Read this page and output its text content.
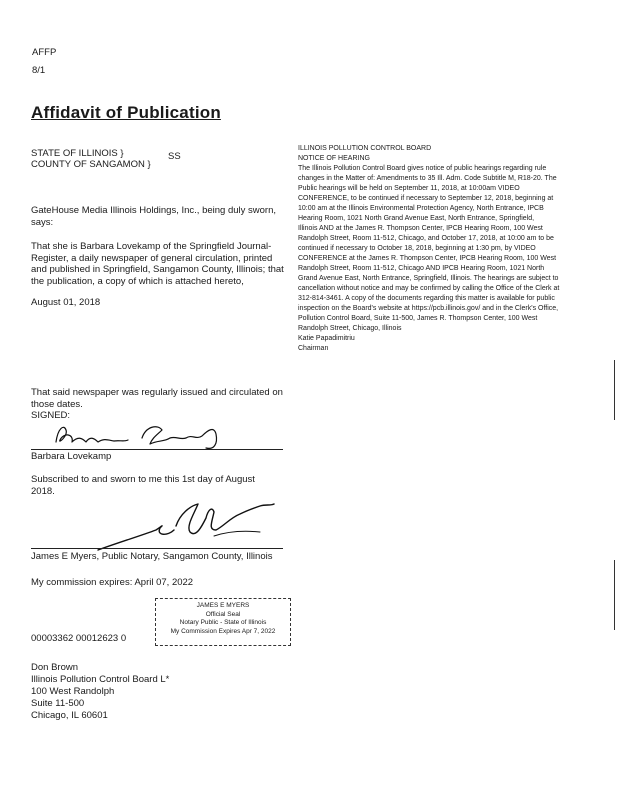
AFFP
8/1
Affidavit of Publication
STATE OF ILLINOIS }
COUNTY OF SANGAMON }
SS
GateHouse Media Illinois Holdings, Inc., being duly sworn, says:
That she is Barbara Lovekamp of the Springfield Journal-Register, a daily newspaper of general circulation, printed and published in Springfield, Sangamon County, Illinois; that the publication, a copy of which is attached hereto,
August 01, 2018
That said newspaper was regularly issued and circulated on those dates.
SIGNED:
Barbara Lovekamp
Subscribed to and sworn to me this 1st day of August 2018.
James E Myers, Public Notary, Sangamon County, Illinois
My commission expires: April 07, 2022
JAMES E MYERS
Official Seal
Notary Public - State of Illinois
My Commission Expires Apr 7, 2022
00003362 00012623 0
Don Brown
Illinois Pollution Control Board L*
100 West Randolph
Suite 11-500
Chicago, IL 60601
ILLINOIS POLLUTION CONTROL BOARD
NOTICE OF HEARING
The Illinois Pollution Control Board gives notice of public hearings regarding rule
changes in the Matter of: Amendments to 35 Ill. Adm. Code Subtitle M, R18-20. The
Public hearings will be held on September 11, 2018, at 10:00am VIDEO
CONFERENCE, to be continued if necessary to September 12, 2018, beginning at
10:00 am at the Illinois Environmental Protection Agency, North Entrance, IPCB
Hearing Room, 1021 North Grand Avenue East, North Entrance, Springfield,
Illinois AND at the James R. Thompson Center, IPCB Hearing Room, 100 West
Randolph Street, Room 11-512, Chicago, and October 17, 2018, at 10:00 am to be
continued if necessary to October 18, 2018, beginning at 1:30 pm, by VIDEO
CONFERENCE at the James R. Thompson Center, IPCB Hearing Room, 100 West
Randolph Street, Room 11-512, Chicago AND IPCB Hearing Room, 1021 North
Grand Avenue East, North Entrance, Springfield, Illinois. The hearings are subject to
cancellation without notice and may be confirmed by calling the Office of the Clerk at
312-814-3461. A copy of the documents regarding this matter is available for public
inspection on the Board's website at https://pcb.illinois.gov/ and in the Clerk's Office,
Pollution Control Board, Suite 11-500, James R. Thompson Center, 100 West
Randolph Street, Chicago, Illinois
Katie Papadimitriu
Chairman
